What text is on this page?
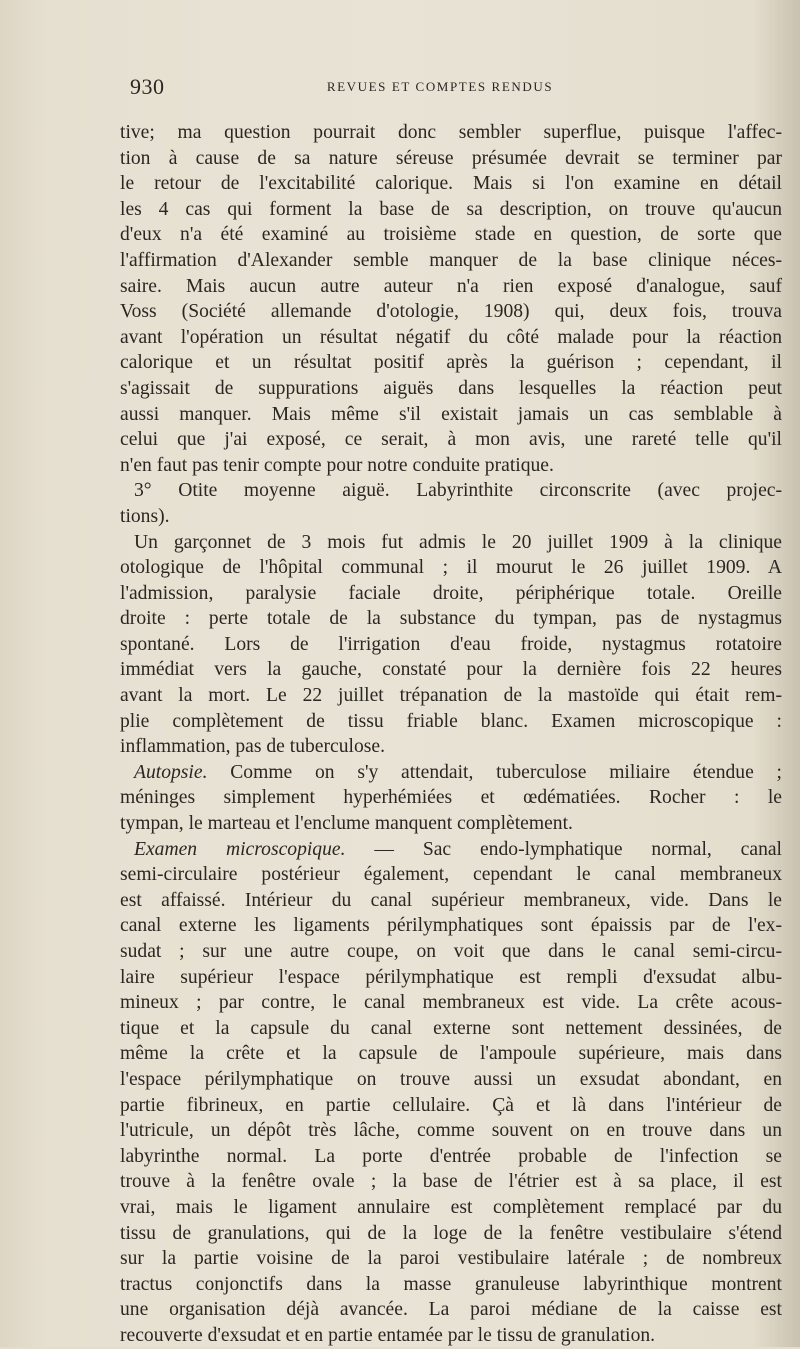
930	REVUES ET COMPTES RENDUS
tive; ma question pourrait donc sembler superflue, puisque l'affec-
tion à cause de sa nature séreuse présumée devrait se terminer par
le retour de l'excitabilité calorique. Mais si l'on examine en détail
les 4 cas qui forment la base de sa description, on trouve qu'aucun
d'eux n'a été examiné au troisième stade en question, de sorte que
l'affirmation d'Alexander semble manquer de la base clinique néces-
saire. Mais aucun autre auteur n'a rien exposé d'analogue, sauf
Voss (Société allemande d'otologie, 1908) qui, deux fois, trouva
avant l'opération un résultat négatif du côté malade pour la réaction
calorique et un résultat positif après la guérison ; cependant, il
s'agissait de suppurations aiguës dans lesquelles la réaction peut
aussi manquer. Mais même s'il existait jamais un cas semblable à
celui que j'ai exposé, ce serait, à mon avis, une rareté telle qu'il
n'en faut pas tenir compte pour notre conduite pratique.
3° Otite moyenne aiguë. Labyrinthite circonscrite (avec projec-
tions).
Un garçonnet de 3 mois fut admis le 20 juillet 1909 à la clinique
otologique de l'hôpital communal ; il mourut le 26 juillet 1909. A
l'admission, paralysie faciale droite, périphérique totale. Oreille
droite : perte totale de la substance du tympan, pas de nystagmus
spontané. Lors de l'irrigation d'eau froide, nystagmus rotatoire
immédiat vers la gauche, constaté pour la dernière fois 22 heures
avant la mort. Le 22 juillet trépanation de la mastoïde qui était rem-
plie complètement de tissu friable blanc. Examen microscopique :
inflammation, pas de tuberculose.
Autopsie. Comme on s'y attendait, tuberculose miliaire étendue ;
méninges simplement hyperhémiées et œdématiées. Rocher : le
tympan, le marteau et l'enclume manquent complètement.
Examen microscopique. — Sac endo-lymphatique normal, canal
semi-circulaire postérieur également, cependant le canal membraneux
est affaissé. Intérieur du canal supérieur membraneux, vide. Dans le
canal externe les ligaments périlymphatiques sont épaissis par de l'ex-
sudat ; sur une autre coupe, on voit que dans le canal semi-circu-
laire supérieur l'espace périlymphatique est rempli d'exsudat albu-
mineux ; par contre, le canal membraneux est vide. La crête acous-
tique et la capsule du canal externe sont nettement dessinées, de
même la crête et la capsule de l'ampoule supérieure, mais dans
l'espace périlymphatique on trouve aussi un exsudat abondant, en
partie fibrineux, en partie cellulaire. Çà et là dans l'intérieur de
l'utricule, un dépôt très lâche, comme souvent on en trouve dans un
labyrinthe normal. La porte d'entrée probable de l'infection se
trouve à la fenêtre ovale ; la base de l'étrier est à sa place, il est
vrai, mais le ligament annulaire est complètement remplacé par du
tissu de granulations, qui de la loge de la fenêtre vestibulaire s'étend
sur la partie voisine de la paroi vestibulaire latérale ; de nombreux
tractus conjonctifs dans la masse granuleuse labyrinthique montrent
une organisation déjà avancée. La paroi médiane de la caisse est
recouverte d'exsudat et en partie entamée par le tissu de granulation.
